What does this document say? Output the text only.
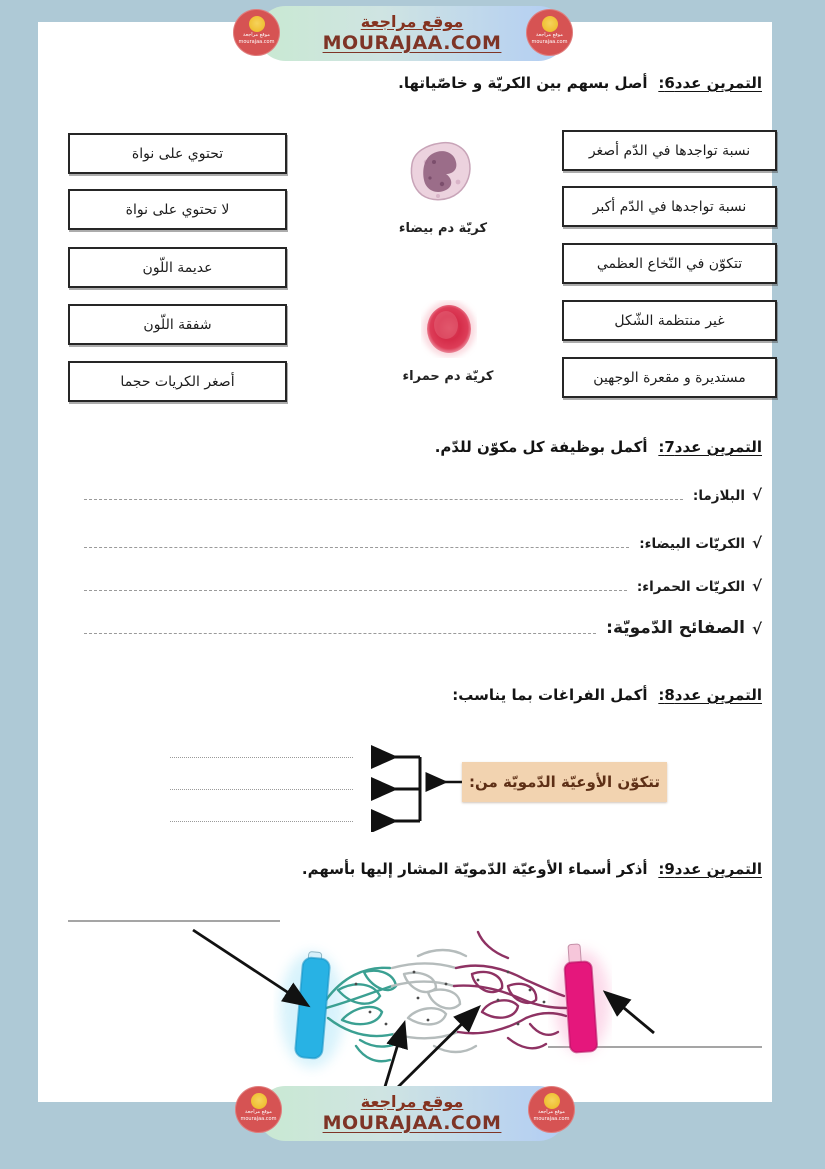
موقع مراجعة
MOURAJAA.COM
موقع مراجعة
mourajaa.com
موقع مراجعة
mourajaa.com
التمرين عدد6: أصل بسهم بين الكريّة و خاصّياتها.
تحتوي على نواة
لا تحتوي على نواة
عديمة اللّون
شفقة اللّون
أصغر الكريات حجما
نسبة تواجدها في الدّم أصغر
نسبة تواجدها في الدّم أكبر
تتكوّن في النّخاع العظمي
غير منتظمة الشّكل
مستديرة و مقعرة الوجهين
كريّة دم بيضاء
كريّة دم حمراء
التمرين عدد7: أكمل بوظيفة كل مكوّن للدّم.
√
البلازما:
√
الكريّات البيضاء:
√
الكريّات الحمراء:
√
الصفائح الدّمويّة:
التمرين عدد8: أكمل الفراغات بما يناسب:
تتكوّن الأوعيّة الدّمويّة من:
التمرين عدد9: أذكر أسماء الأوعيّة الدّمويّة المشار إليها بأسهم.
موقع مراجعة
MOURAJAA.COM
موقع مراجعة
mourajaa.com
موقع مراجعة
mourajaa.com
